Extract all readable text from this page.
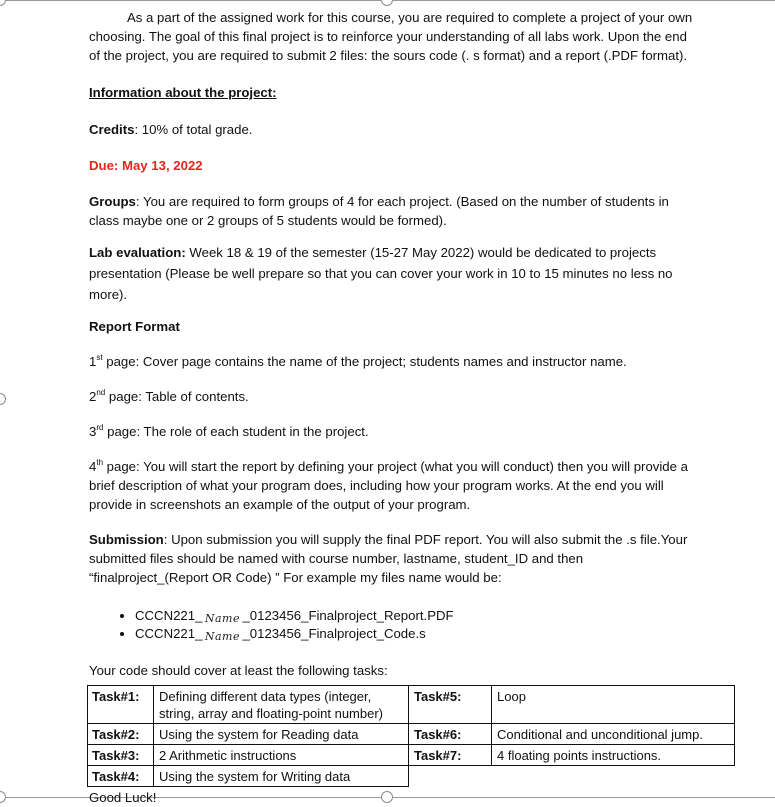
As a part of the assigned work for this course, you are required to complete a project of your own choosing. The goal of this final project is to reinforce your understanding of all labs work. Upon the end of the project, you are required to submit 2 files: the sours code (. s format) and a report (.PDF format).

Information about the project:

Credits: 10% of total grade.

Due: May 13, 2022

Groups: You are required to form groups of 4 for each project. (Based on the number of students in class maybe one or 2 groups of 5 students would be formed).

Lab evaluation: Week 18 & 19 of the semester (15-27 May 2022) would be dedicated to projects presentation (Please be well prepare so that you can cover your work in 10 to 15 minutes no less no more).

Report Format

1st page: Cover page contains the name of the project; students names and instructor name.

2nd page: Table of contents.

3rd page: The role of each student in the project.

4th page: You will start the report by defining your project (what you will conduct) then you will provide a brief description of what your program does, including how your program works. At the end you will provide in screenshots an example of the output of your program.

Submission: Upon submission you will supply the final PDF report. You will also submit the .s file.Your submitted files should be named with course number, lastname, student_ID and then “finalproject_(Report OR Code) ” For example my files name would be:

• CCCN221_ Name _0123456_Finalproject_Report.PDF
• CCCN221_ Name _0123456_Finalproject_Code.s

Your code should cover at least the following tasks:

Task#1:	Defining different data types (integer, string, array and floating-point number)	Task#5:	Loop
Task#2:	Using the system for Reading data	Task#6:	Conditional and unconditional jump.
Task#3:	2 Arithmetic instructions	Task#7:	4 floating points instructions.
Task#4:	Using the system for Writing data		
Good Luck!
